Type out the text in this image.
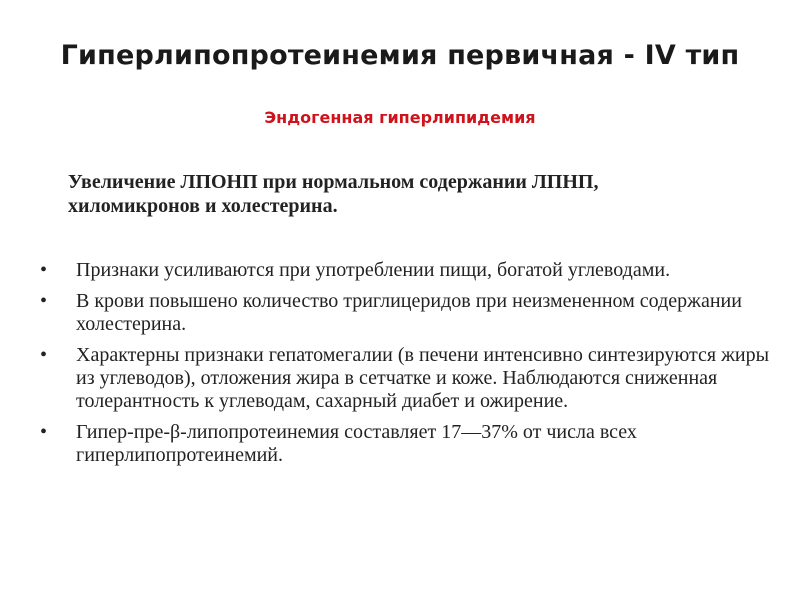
Гиперлипопротеинемия первичная - IV тип
Эндогенная гиперлипидемия
Увеличение ЛПОНП при нормальном содержании ЛПНП,
хиломикронов и холестерина.
•	Признаки усиливаются при употреблении пищи, богатой углеводами.
•	В крови повышено количество триглицеридов при неизмененном содержании холестерина.
•	Характерны признаки гепатомегалии (в печени интенсивно синтезируются жиры из углеводов), отложения жира в сетчатке и коже. Наблюдаются сниженная толерантность к углеводам, сахарный диабет и ожирение.
•	Гипер-пре-β-липопротеинемия составляет 17—37% от числа всех гиперлипопротеинемий.
